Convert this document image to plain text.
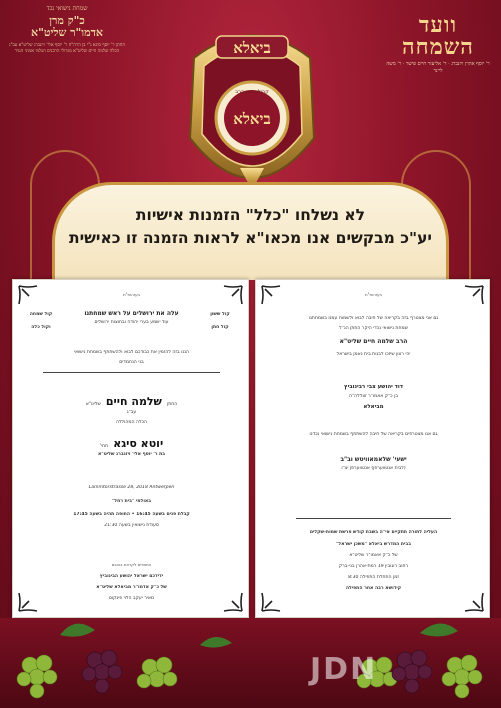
שמחת נישואי נכד
כ"ק מרן
אדמו"ר שליט"א
החתן ר' יוסף סיגא נ"י בן הרה"ח ר' יוסף אלי' ויזנברג שליט"א עב"ג הכלה שלמה חיים שליט"א מגדולי הרבנים ושלמי אמוני העיר
וועד
השמחה
ר' יוסף אהרן ויזנברג · ר' אליעזר חיים פישר · ר' משה ליינר
ביאלא
ביאלא
קהילת בית הרב
לא נשלחו "כלל" הזמנות אישיות
יע"כ מבקשים אנו מכאו"א לראות הזמנה זו כאישית
בעזהשי"ת
קול ששון
קול חתן
עלה את ירושלים על ראש שמחתנו
עוד ישמע בערי יהודה ובחוצות ירושלים
קול שמחה
וקול כלה
הננו בזה להזמין את כבודכם לבוא ולהשתתף בשמחת נישואי
בני הנחמדים
החתן שלמה חיים שליט"א
עב"ג
הכלה המהוללה
יוטא סיגא תחי'
בת ר' יוסף אלי' ויזנברג שליט"א
Lammtorstrasse 28, 2018 Antwerpen
באולמי "בית רחל"
קבלת פנים בשעה 16:45 • החופה תהיה בשעה 17:45
סעודת נישואין בשעה 21:30
המצפים לקראת בואכם
ידידכם ישראל יהושע הבינוביץ
של כ"ק אדמו"ר מביאלא שליט"א
מאיר יעקב הלוי פינקוס
בעזהשי"ת
גם אני מצטרף בזה בקריאה של חיבה לבוא ולשמוח עמנו בשמחתנו
שמחת נישואי נכדי היקר החתן הנ"ל
הרב שלמה חיים שליט"א
יהי רצון שיזכו לבנות בית נאמן בישראל
דוד יהושע צבי רבינוביץ
בן כ"ק אאמו"ר זצללה"ה
מביאלא
גם אנו מצטרפים בקריאה של חיבה להשתתף בשמחת נישואי נכדנו
ישעי' שלאמאוויטש וב"ב
(לבית אנטווערפן) אנטווערפן יצ"ו
העליה לתורה תתקיים אי"ה בשבת קודש פרשת שמות-שקלים
בבית המדרש ביאלא "משכן ישראל"
של כ"ק אאמו"ר שליט"א
רחוב רוגובין 19 רמת-אהרן בני-ברק
זמן התחלת התפילה 8:30
קידושא רבה אחר התפילה
JDN
